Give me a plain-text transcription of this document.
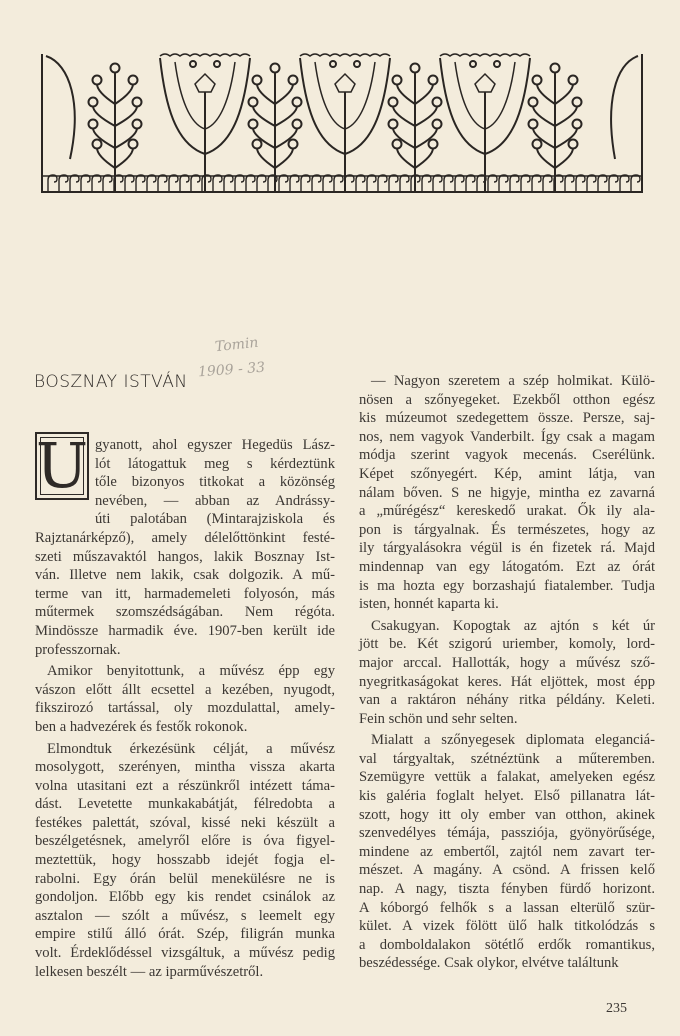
Tomin
1909 - 33
BOSZNAY ISTVÁN
U gyanott, ahol egyszer Hegedüs Lász-
lót látogattuk meg s kérdeztünk
tőle bizonyos titkokat a közönség
nevében, — abban az Andrássy-
úti palotában (Mintarajziskola és
Rajztanárképző), amely délelőttönkint festé-
szeti műszavaktól hangos, lakik Bosznay Ist-
ván. Illetve nem lakik, csak dolgozik. A mű-
terme van itt, harmademeleti folyosón, más
műtermek szomszédságában. Nem régóta.
Mindössze harmadik éve. 1907-ben került ide
professzornak.
Amikor benyitottunk, a művész épp egy
vászon előtt állt ecsettel a kezében, nyugodt,
fikszirozó tartással, oly mozdulattal, amely-
ben a hadvezérek és festők rokonok.
Elmondtuk érkezésünk célját, a művész
mosolygott, szerényen, mintha vissza akarta
volna utasitani ezt a részünkről intézett táma-
dást. Levetette munkakabátját, félredobta a
festékes palettát, szóval, kissé neki készült a
beszélgetésnek, amelyről előre is óva figyel-
meztettük, hogy hosszabb idejét fogja el-
rabolni. Egy órán belül menekülésre ne is
gondoljon. Előbb egy kis rendet csinálok az
asztalon — szólt a művész, s leemelt egy
empire stilű álló órát. Szép, filigrán munka
volt. Érdeklődéssel vizsgáltuk, a művész pedig
lelkesen beszélt — az iparművészetről.
— Nagyon szeretem a szép holmikat. Külö-
nösen a szőnyegeket. Ezekből otthon egész
kis múzeumot szedegettem össze. Persze, saj-
nos, nem vagyok Vanderbilt. Így csak a magam
módja szerint vagyok mecenás. Cserélünk.
Képet szőnyegért. Kép, amint látja, van
nálam bőven. S ne higyje, mintha ez zavarná
a „műrégész“ kereskedő urakat. Ők ily ala-
pon is tárgyalnak. És természetes, hogy az
ily tárgyalásokra végül is én fizetek rá. Majd
mindennap van egy látogatóm. Ezt az órát
is ma hozta egy borzashajú fiatalember. Tudja
isten, honnét kaparta ki.
Csakugyan. Kopogtak az ajtón s két úr
jött be. Két szigorú uriember, komoly, lord-
major arccal. Hallották, hogy a művész sző-
nyegritkaságokat keres. Hát eljöttek, most épp
van a raktáron néhány ritka példány. Keleti.
Fein schön und sehr selten.
Mialatt a szőnyegesek diplomata eleganciá-
val tárgyaltak, szétnéztünk a műteremben.
Szemügyre vettük a falakat, amelyeken egész
kis galéria foglalt helyet. Első pillanatra lát-
szott, hogy itt oly ember van otthon, akinek
szenvedélyes témája, passziója, gyönyörűsége,
mindene az embertől, zajtól nem zavart ter-
mészet. A magány. A csönd. A frissen kelő
nap. A nagy, tiszta fényben fürdő horizont.
A kóborgó felhők s a lassan elterülő szür-
kület. A vizek fölött ülő halk titkolódzás s
a domboldalakon sötétlő erdők romantikus,
beszédessége. Csak olykor, elvétve találtunk
235
